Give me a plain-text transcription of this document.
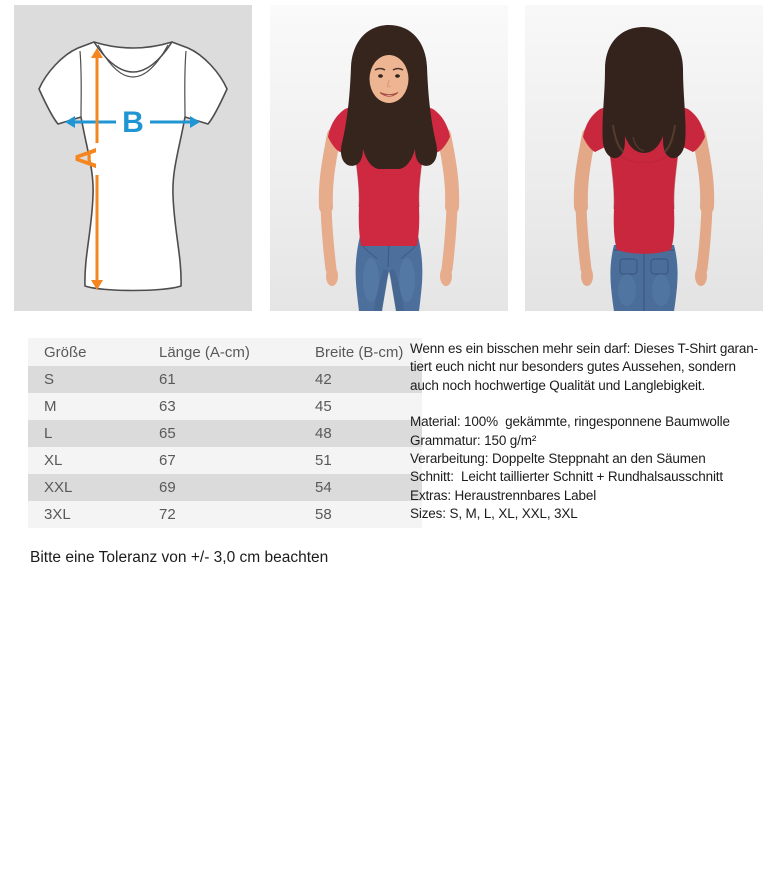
B
A
Größe	Länge (A-cm)	Breite (B-cm)
S	61	42
M	63	45
L	65	48
XL	67	51
XXL	69	54
3XL	72	58
Wenn es ein bisschen mehr sein darf: Dieses T-Shirt garan-
tiert euch nicht nur besonders gutes Aussehen, sondern
auch noch hochwertige Qualität und Langlebigkeit.
Material: 100%  gekämmte, ringesponnene Baumwolle
Grammatur: 150 g/m²
Verarbeitung: Doppelte Steppnaht an den Säumen
Schnitt:  Leicht taillierter Schnitt + Rundhalsausschnitt
Extras: Heraustrennbares Label
Sizes: S, M, L, XL, XXL, 3XL
Bitte eine Toleranz von +/- 3,0 cm beachten
